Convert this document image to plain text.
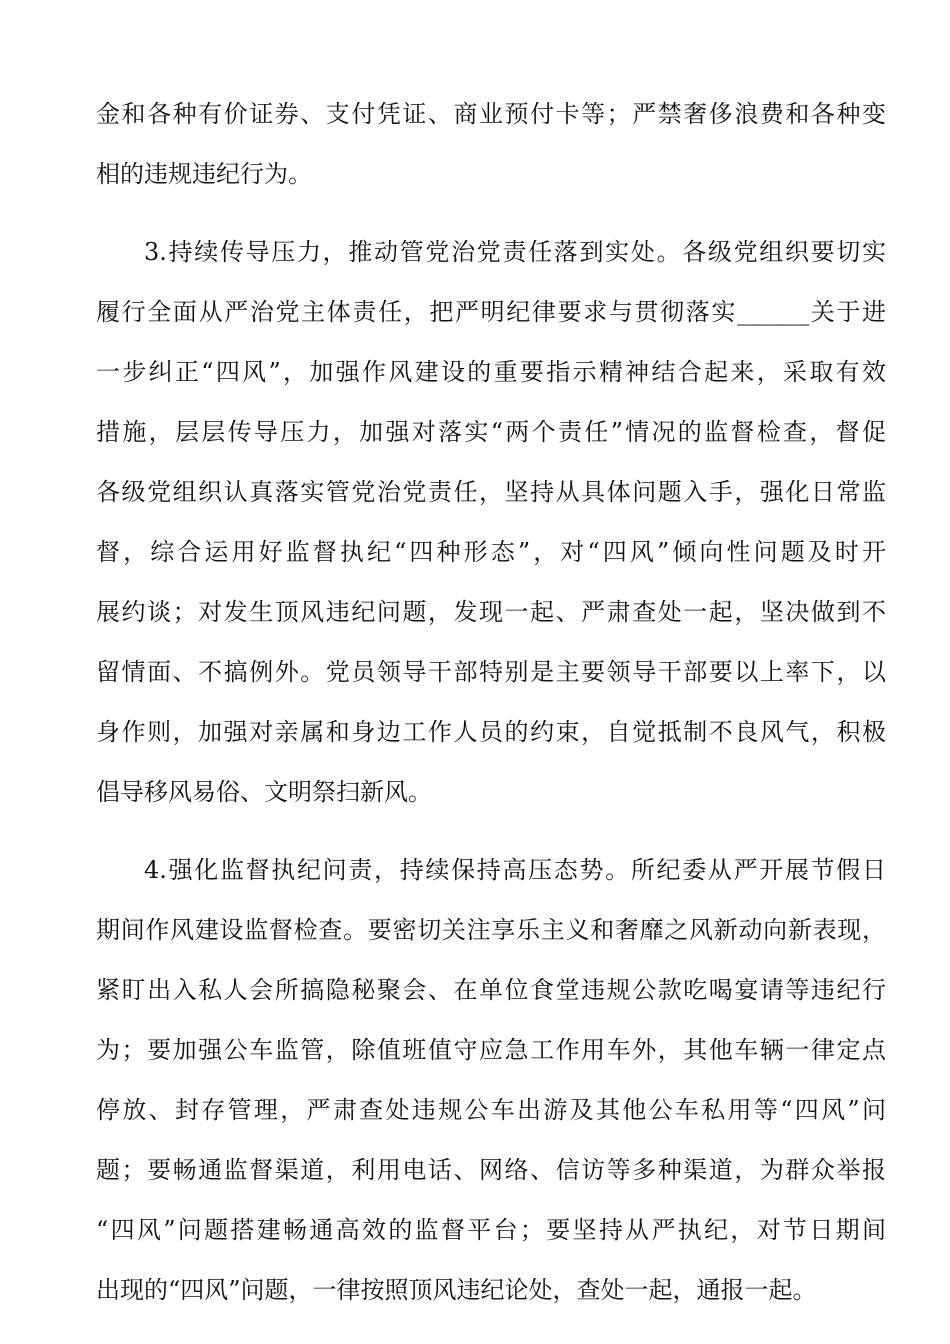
金和各种有价证券、支付凭证、商业预付卡等；严禁奢侈浪费和各种变
相的违规违纪行为。
3.持续传导压力，推动管党治党责任落到实处。各级党组织要切实
履行全面从严治党主体责任，把严明纪律要求与贯彻落实______关于进
一步纠正“四风”，加强作风建设的重要指示精神结合起来，采取有效
措施，层层传导压力，加强对落实“两个责任”情况的监督检查，督促
各级党组织认真落实管党治党责任，坚持从具体问题入手，强化日常监
督，综合运用好监督执纪“四种形态”，对“四风”倾向性问题及时开
展约谈；对发生顶风违纪问题，发现一起、严肃查处一起，坚决做到不
留情面、不搞例外。党员领导干部特别是主要领导干部要以上率下，以
身作则，加强对亲属和身边工作人员的约束，自觉抵制不良风气，积极
倡导移风易俗、文明祭扫新风。
4.强化监督执纪问责，持续保持高压态势。所纪委从严开展节假日
期间作风建设监督检查。要密切关注享乐主义和奢靡之风新动向新表现，
紧盯出入私人会所搞隐秘聚会、在单位食堂违规公款吃喝宴请等违纪行
为；要加强公车监管，除值班值守应急工作用车外，其他车辆一律定点
停放、封存管理，严肃查处违规公车出游及其他公车私用等“四风”问
题；要畅通监督渠道，利用电话、网络、信访等多种渠道，为群众举报
“四风”问题搭建畅通高效的监督平台；要坚持从严执纪，对节日期间
出现的“四风”问题，一律按照顶风违纪论处，查处一起，通报一起。
